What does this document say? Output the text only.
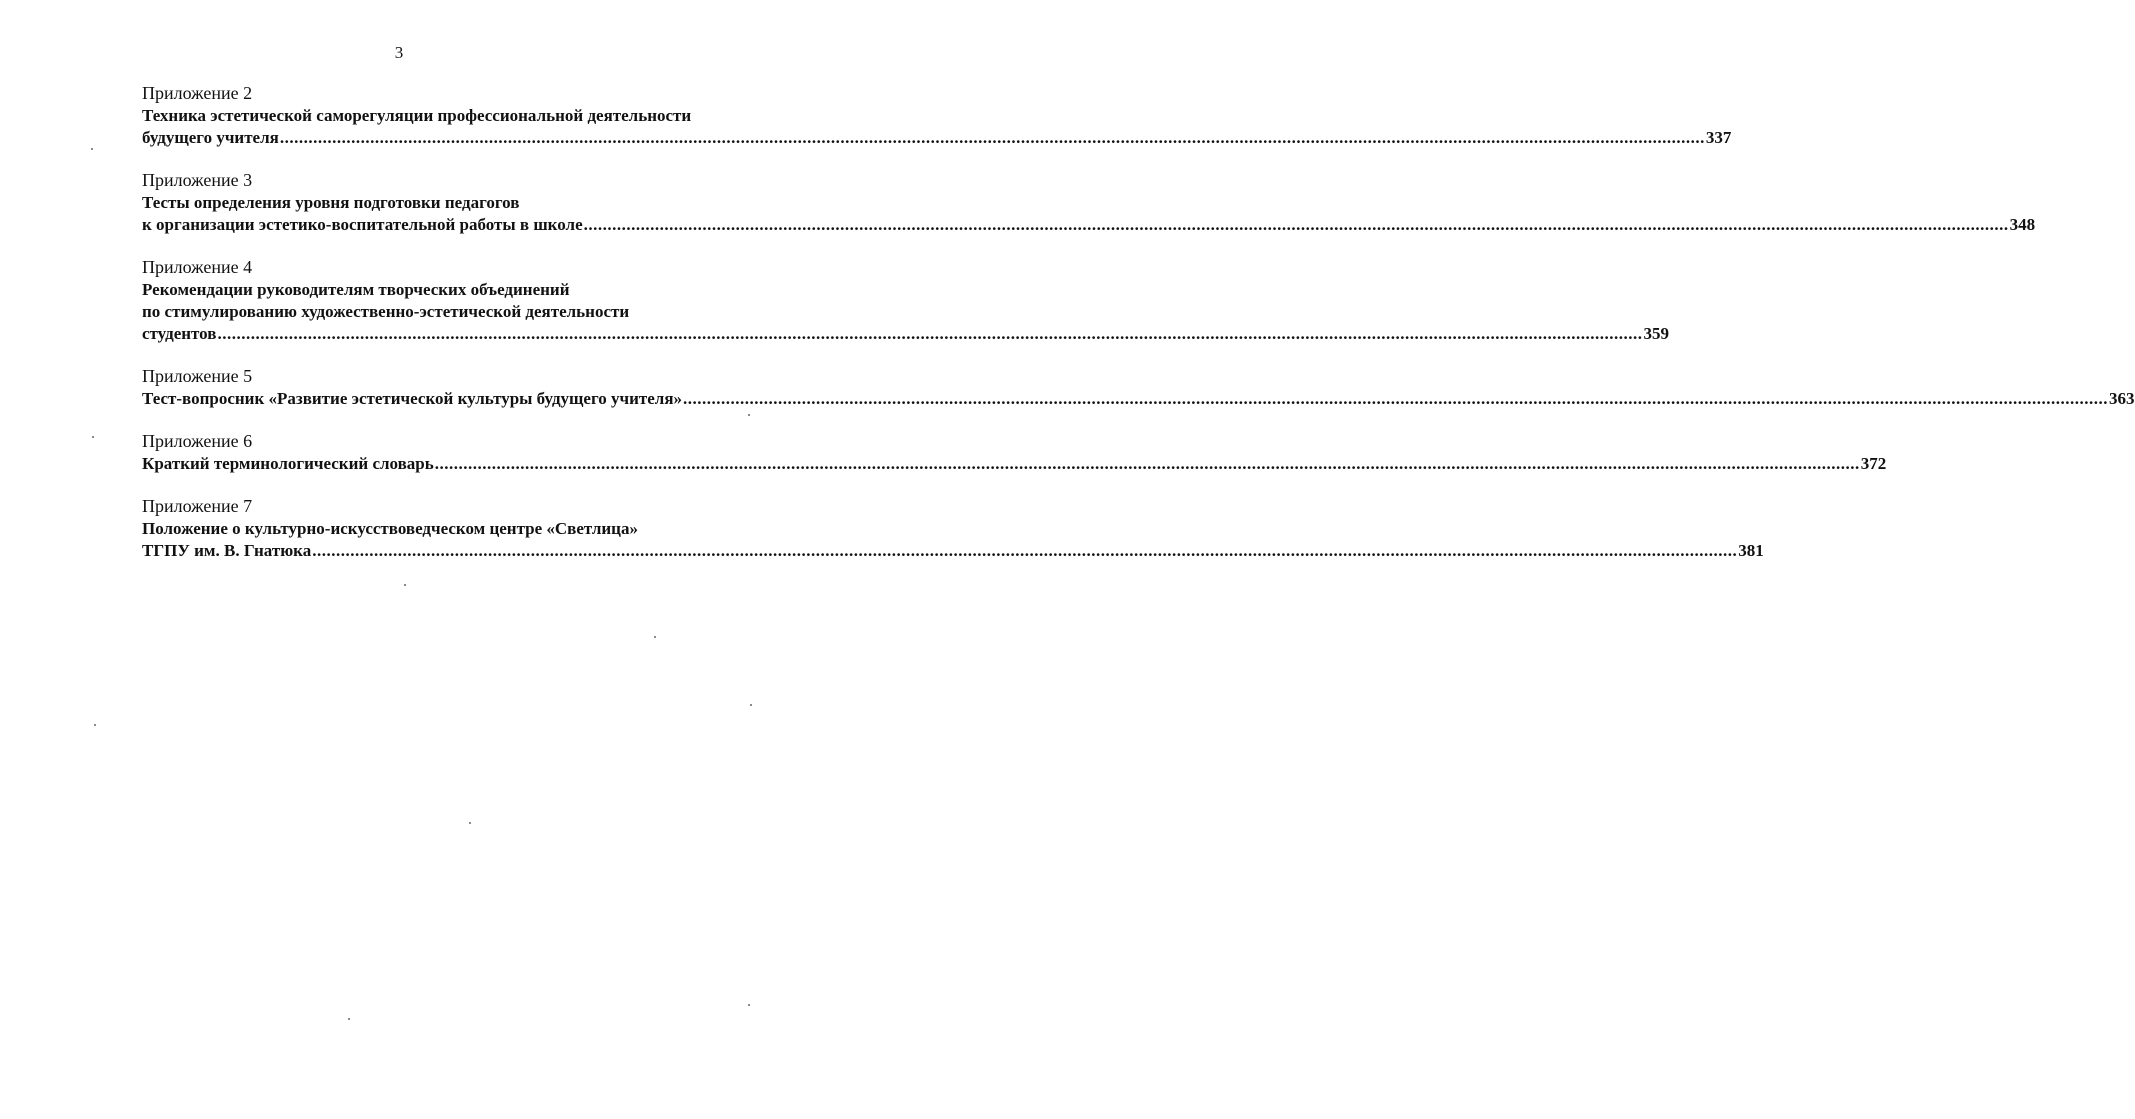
3
Приложение 2
Техника эстетической саморегуляции профессиональной деятельности
будущего учителя ............................................................................................................................................................................................................................................................................................................ 337
Приложение 3
Тесты определения уровня подготовки педагогов
к организации эстетико-воспитательной работы в школе ............................................................................................................................................................................................................................................................................................................ 348
Приложение 4
Рекомендации руководителям творческих объединений
по стимулированию художественно-эстетической деятельности
студентов ............................................................................................................................................................................................................................................................................................................ 359
Приложение 5
Тест-вопросник «Развитие эстетической культуры будущего учителя» ............................................................................................................................................................................................................................................................................................................ 363
Приложение 6
Краткий терминологический словарь ............................................................................................................................................................................................................................................................................................................ 372
Приложение 7
Положение о культурно-искусствоведческом центре «Светлица»
ТГПУ им. В. Гнатюка ............................................................................................................................................................................................................................................................................................................ 381
